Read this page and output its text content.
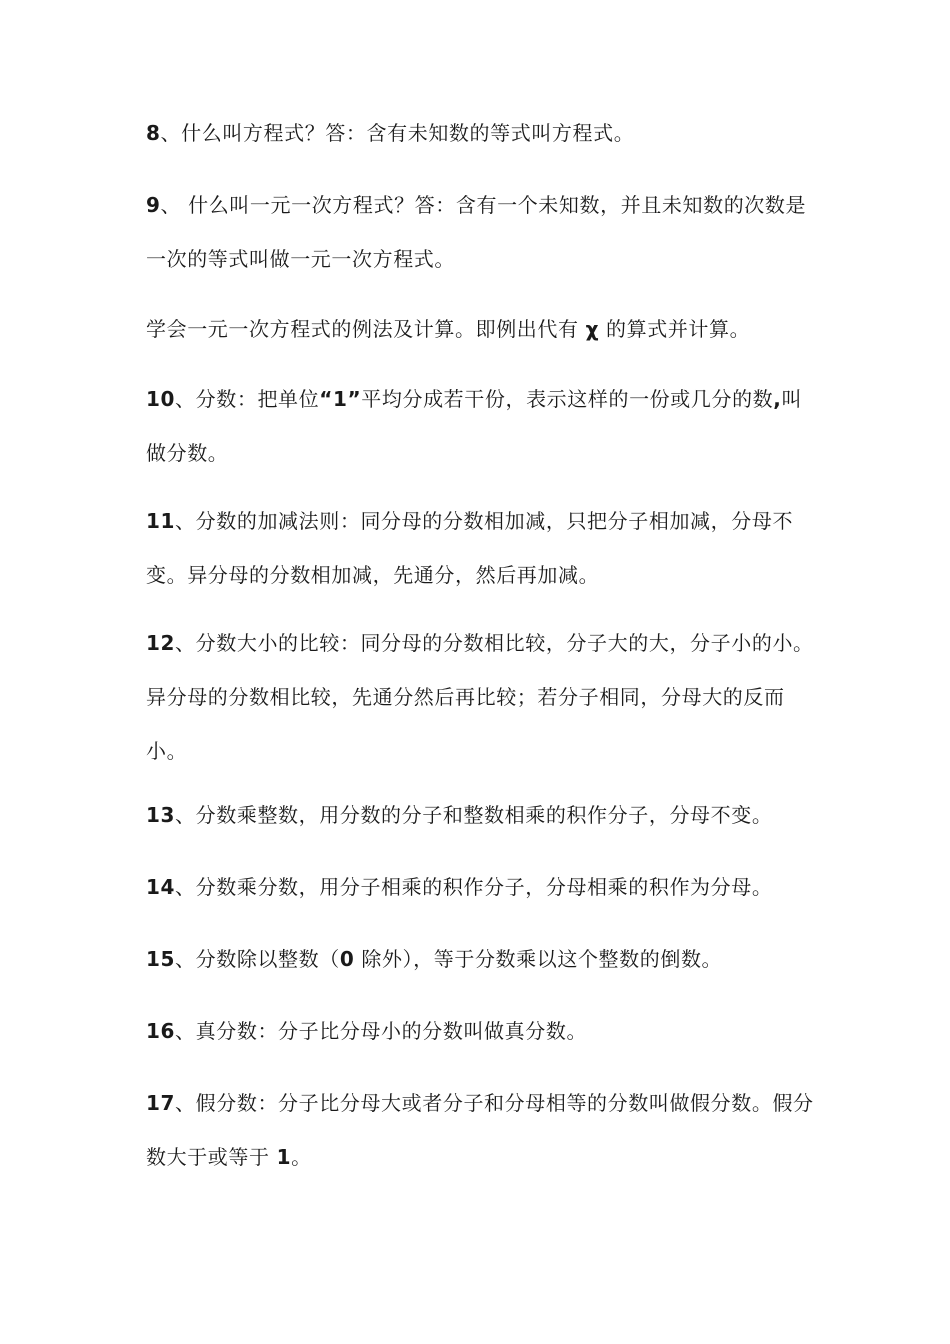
8、什么叫方程式？答：含有未知数的等式叫方程式。
9、 什么叫一元一次方程式？答：含有一个未知数，并且未知数的次数是一次的等式叫做一元一次方程式。
学会一元一次方程式的例法及计算。即例出代有 χ 的算式并计算。
10、分数：把单位“1”平均分成若干份，表示这样的一份或几分的数,叫做分数。
11、分数的加减法则：同分母的分数相加减，只把分子相加减，分母不变。异分母的分数相加减，先通分，然后再加减。
12、分数大小的比较：同分母的分数相比较，分子大的大，分子小的小。异分母的分数相比较，先通分然后再比较；若分子相同，分母大的反而小。
13、分数乘整数，用分数的分子和整数相乘的积作分子，分母不变。
14、分数乘分数，用分子相乘的积作分子，分母相乘的积作为分母。
15、分数除以整数（0 除外），等于分数乘以这个整数的倒数。
16、真分数：分子比分母小的分数叫做真分数。
17、假分数：分子比分母大或者分子和分母相等的分数叫做假分数。假分数大于或等于 1。
